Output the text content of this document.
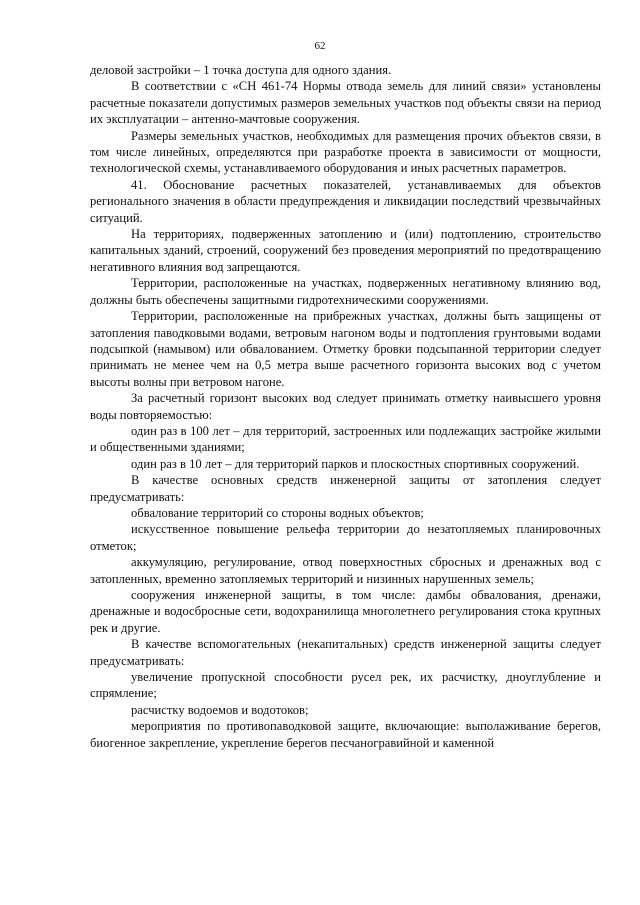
62

деловой застройки – 1 точка доступа для одного здания.

В соответствии с «СН 461-74 Нормы отвода земель для линий связи» установлены расчетные показатели допустимых размеров земельных участков под объекты связи на период их эксплуатации – антенно-мачтовые сооружения.

Размеры земельных участков, необходимых для размещения прочих объектов связи, в том числе линейных, определяются при разработке проекта в зависимости от мощности, технологической схемы, устанавливаемого оборудования и иных расчетных параметров.

41. Обоснование расчетных показателей, устанавливаемых для объектов регионального значения в области предупреждения и ликвидации последствий чрезвычайных ситуаций.

На территориях, подверженных затоплению и (или) подтоплению, строительство капитальных зданий, строений, сооружений без проведения мероприятий по предотвращению негативного влияния вод запрещаются.

Территории, расположенные на участках, подверженных негативному влиянию вод, должны быть обеспечены защитными гидротехническими сооружениями.

Территории, расположенные на прибрежных участках, должны быть защищены от затопления паводковыми водами, ветровым нагоном воды и подтопления грунтовыми водами подсыпкой (намывом) или обвалованием. Отметку бровки подсыпанной территории следует принимать не менее чем на 0,5 метра выше расчетного горизонта высоких вод с учетом высоты волны при ветровом нагоне.

За расчетный горизонт высоких вод следует принимать отметку наивысшего уровня воды повторяемостью:

один раз в 100 лет – для территорий, застроенных или подлежащих застройке жилыми и общественными зданиями;

один раз в 10 лет – для территорий парков и плоскостных спортивных сооружений.

В качестве основных средств инженерной защиты от затопления следует предусматривать:

обвалование территорий со стороны водных объектов;

искусственное повышение рельефа территории до незатопляемых планировочных отметок;

аккумуляцию, регулирование, отвод поверхностных сбросных и дренажных вод с затопленных, временно затопляемых территорий и низинных нарушенных земель;

сооружения инженерной защиты, в том числе: дамбы обвалования, дренажи, дренажные и водосбросные сети, водохранилища многолетнего регулирования стока крупных рек и другие.

В качестве вспомогательных (некапитальных) средств инженерной защиты следует предусматривать:

увеличение пропускной способности русел рек, их расчистку, дноуглубление и спрямление;

расчистку водоемов и водотоков;

мероприятия по противопаводковой защите, включающие: выполаживание берегов, биогенное закрепление, укрепление берегов песчаногравийной и каменной
